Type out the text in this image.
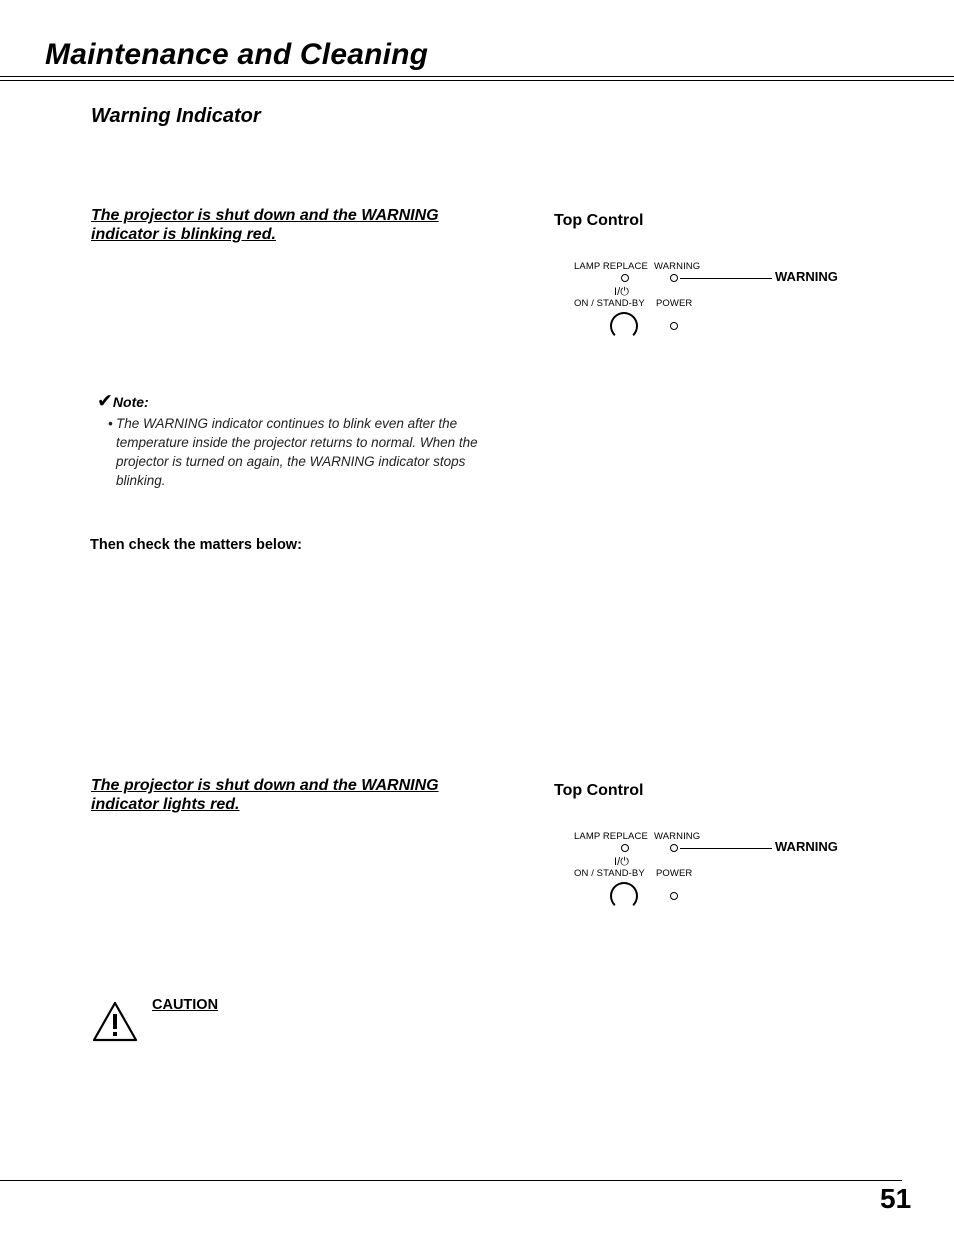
Maintenance and Cleaning
Warning Indicator
The projector is shut down and the WARNING indicator is blinking red.
Top Control
LAMP REPLACE WARNING
WARNING
I/⏻
ON / STAND-BY POWER
✔Note:
• The WARNING indicator continues to blink even after the temperature inside the projector returns to normal. When the projector is turned on again, the WARNING indicator stops blinking.
Then check the matters below:
The projector is shut down and the WARNING indicator lights red.
Top Control
LAMP REPLACE WARNING
WARNING
I/⏻
ON / STAND-BY POWER
CAUTION
51
